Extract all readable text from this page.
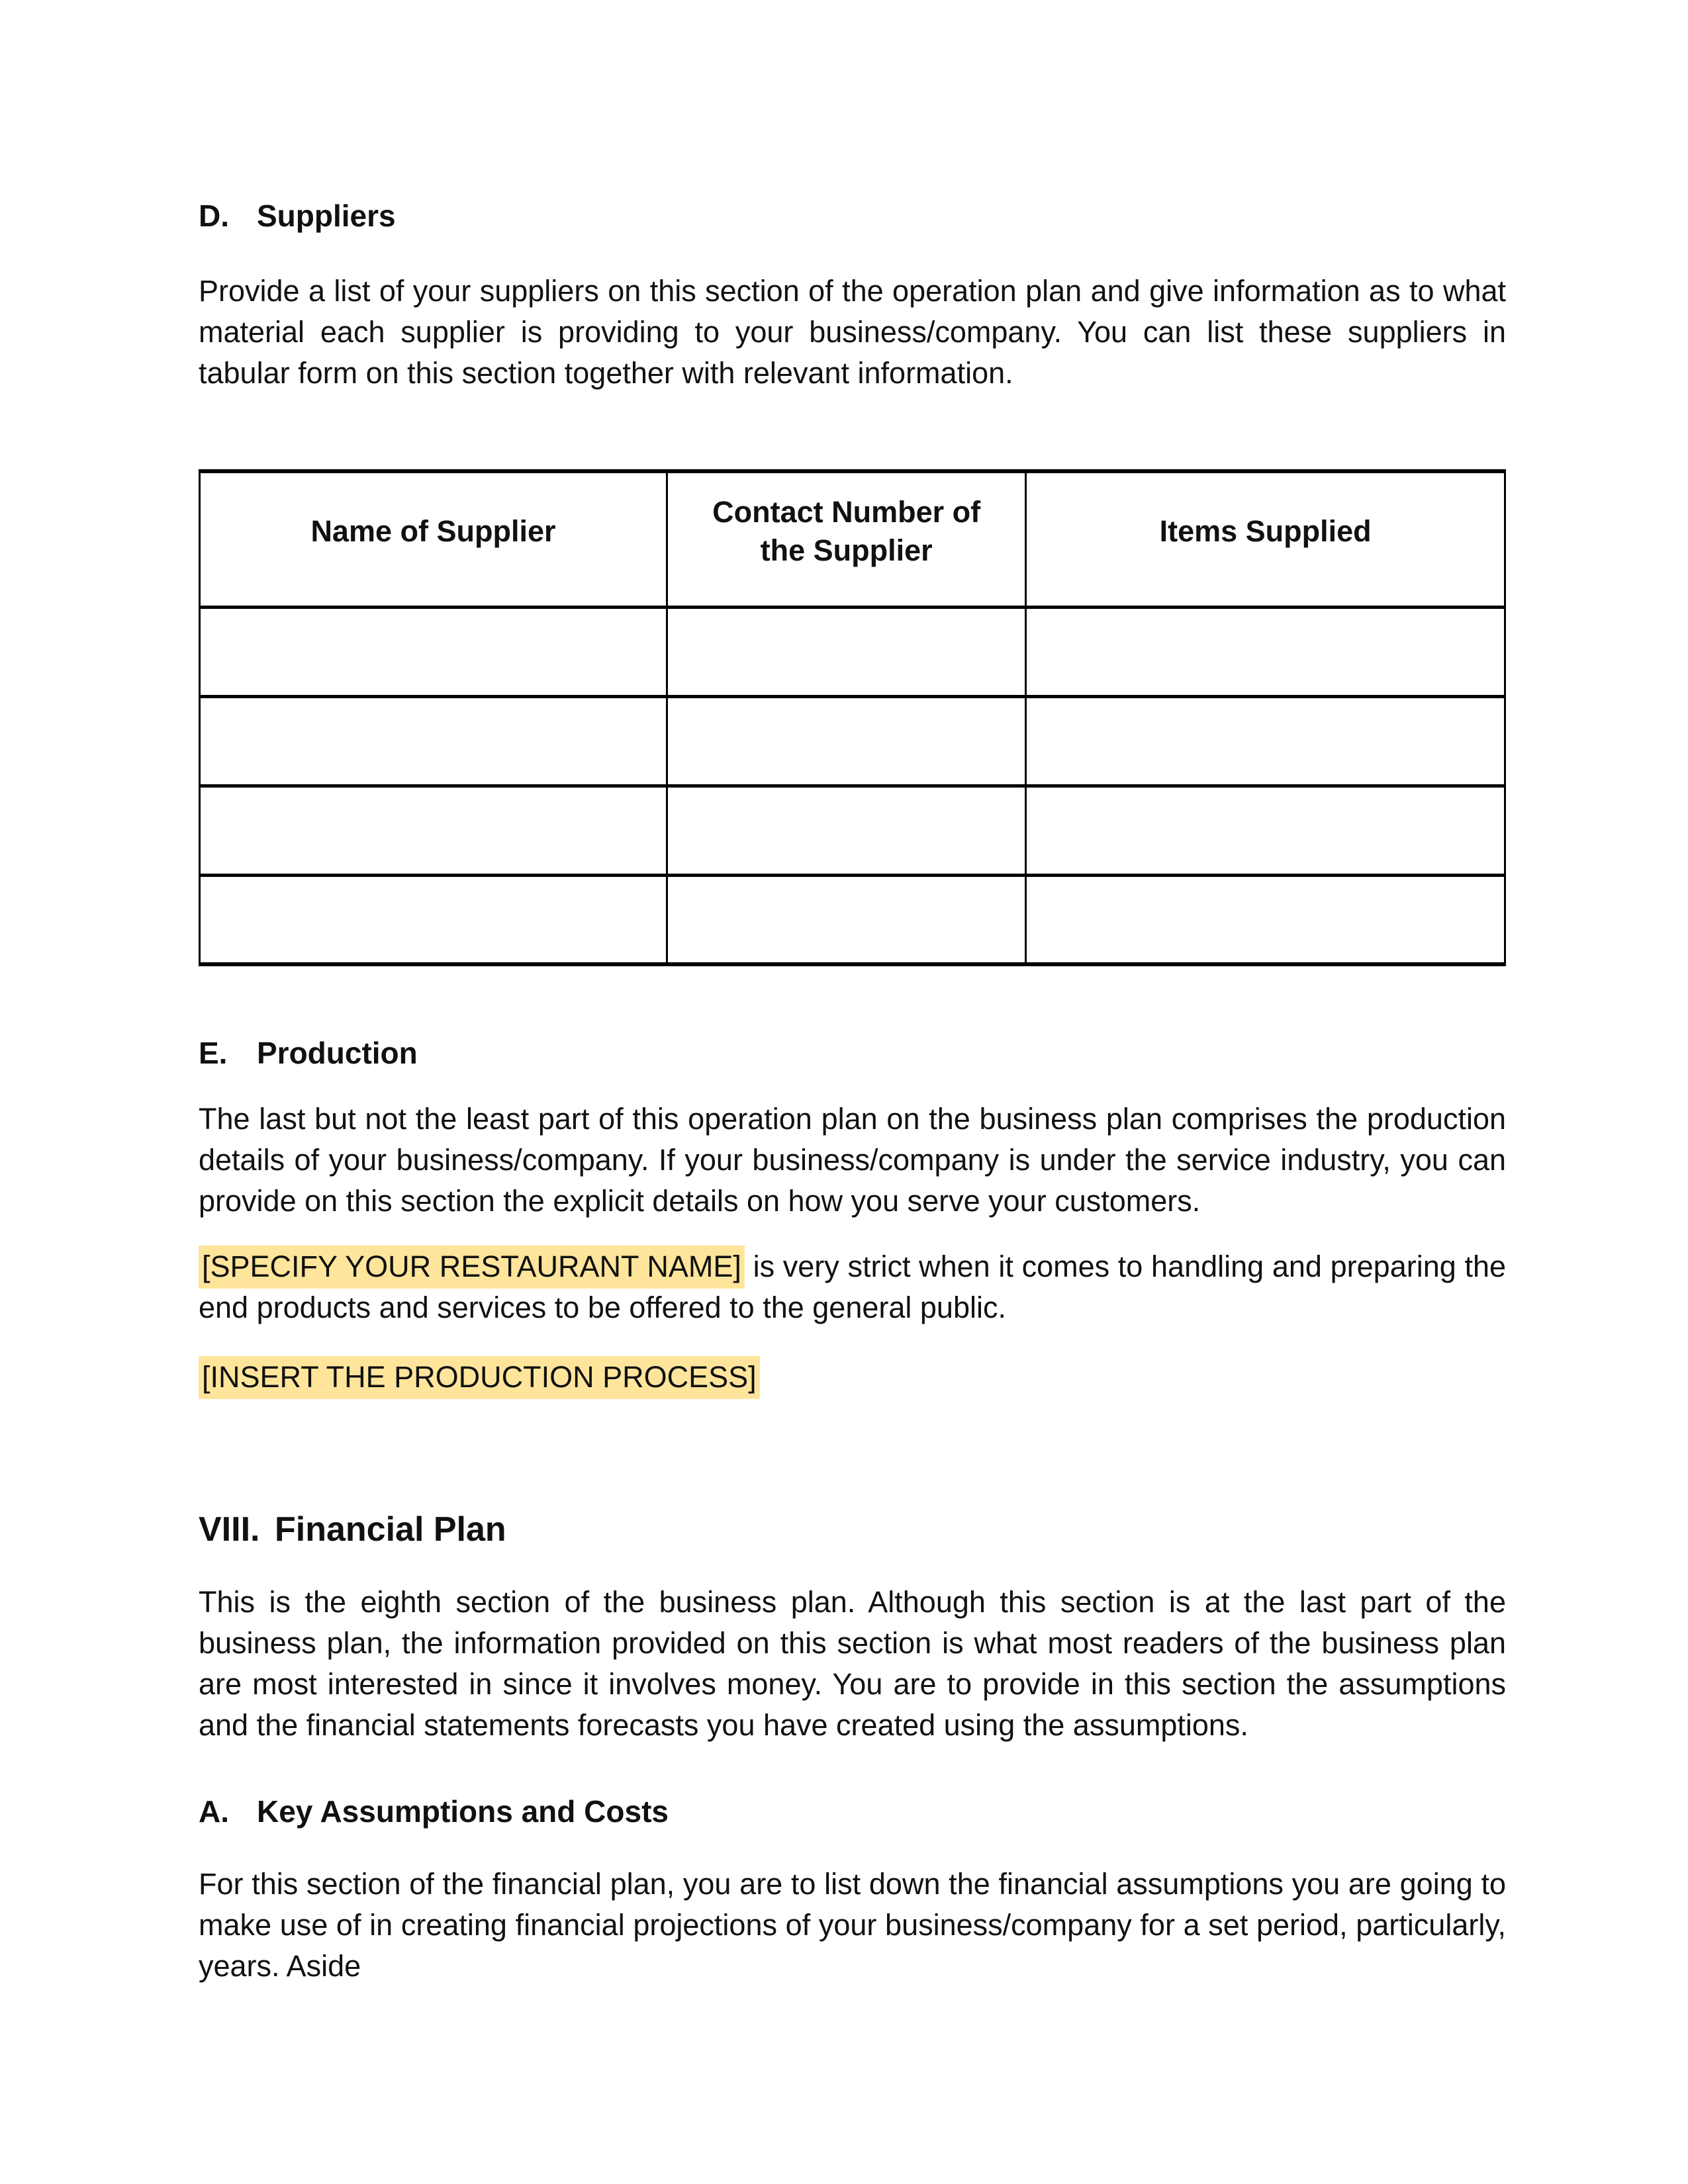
D. Suppliers

Provide a list of your suppliers on this section of the operation plan and give information as to what material each supplier is providing to your business/company. You can list these suppliers in tabular form on this section together with relevant information.

Name of Supplier	Contact Number of the Supplier	Items Supplied

E. Production

The last but not the least part of this operation plan on the business plan comprises the production details of your business/company. If your business/company is under the service industry, you can provide on this section the explicit details on how you serve your customers.

[SPECIFY YOUR RESTAURANT NAME] is very strict when it comes to handling and preparing the end products and services to be offered to the general public.

[INSERT THE PRODUCTION PROCESS]

VIII. Financial Plan

This is the eighth section of the business plan. Although this section is at the last part of the business plan, the information provided on this section is what most readers of the business plan are most interested in since it involves money. You are to provide in this section the assumptions and the financial statements forecasts you have created using the assumptions.

A. Key Assumptions and Costs

For this section of the financial plan, you are to list down the financial assumptions you are going to make use of in creating financial projections of your business/company for a set period, particularly, years. Aside
